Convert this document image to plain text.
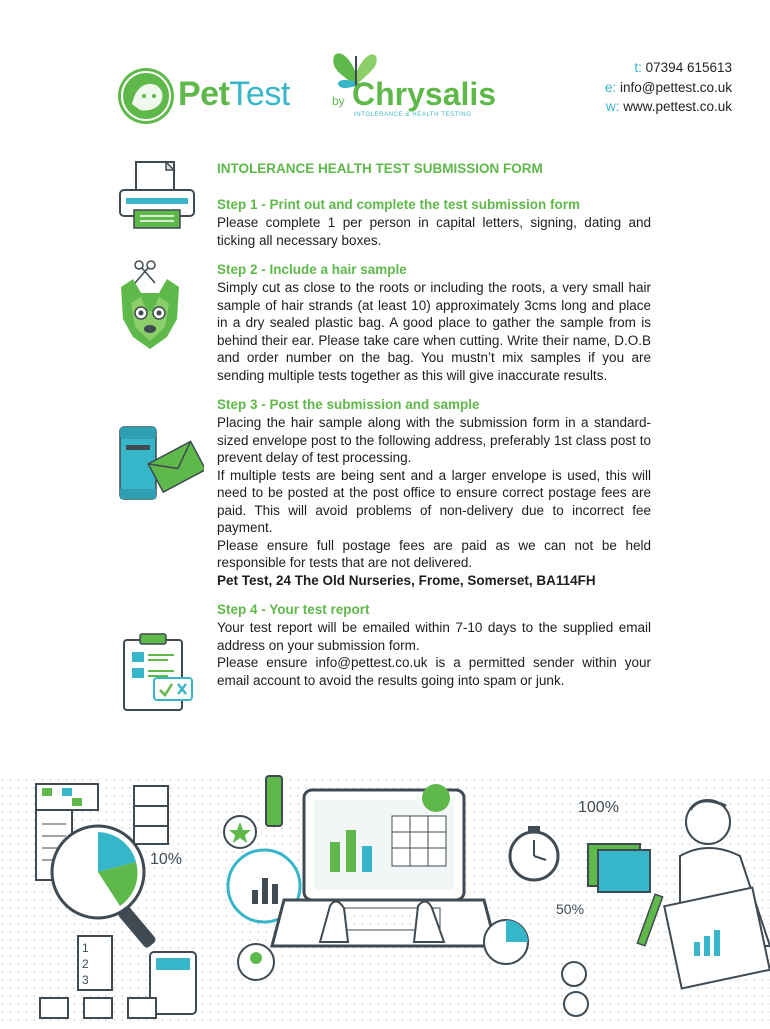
PetTest	by Chrysalis
INTOLERANCE & HEALTH TESTING
t: 07394 615613
e: info@pettest.co.uk
w: www.pettest.co.uk

INTOLERANCE HEALTH TEST SUBMISSION FORM

Step 1 - Print out and complete the test submission form

Please complete 1 per person in capital letters, signing, dating and ticking all necessary boxes.

Step 2 - Include a hair sample

Simply cut as close to the roots or including the roots, a very small hair sample of hair strands (at least 10) approximately 3cms long and place in a dry sealed plastic bag. A good place to gather the sample from is behind their ear. Please take care when cutting. Write their name, D.O.B and order number on the bag. You mustn’t mix samples if you are sending multiple tests together as this will give inaccurate results.

Step 3 - Post the submission and sample

Placing the hair sample along with the submission form in a standard-sized envelope post to the following address, preferably 1st class post to prevent delay of test processing.

If multiple tests are being sent and a larger envelope is used, this will need to be posted at the post office to ensure correct postage fees are paid. This will avoid problems of non-delivery due to incorrect fee payment.

Please ensure full postage fees are paid as we can not be held responsible for tests that are not delivered.

Pet Test, 24 The Old Nurseries, Frome, Somerset, BA114FH

Step 4 - Your test report

Your test report will be emailed within 7-10 days to the supplied email address on your submission form.

Please ensure info@pettest.co.uk is a permitted sender within your email account to avoid the results going into spam or junk.

10%
100%
50%
1
2
3
